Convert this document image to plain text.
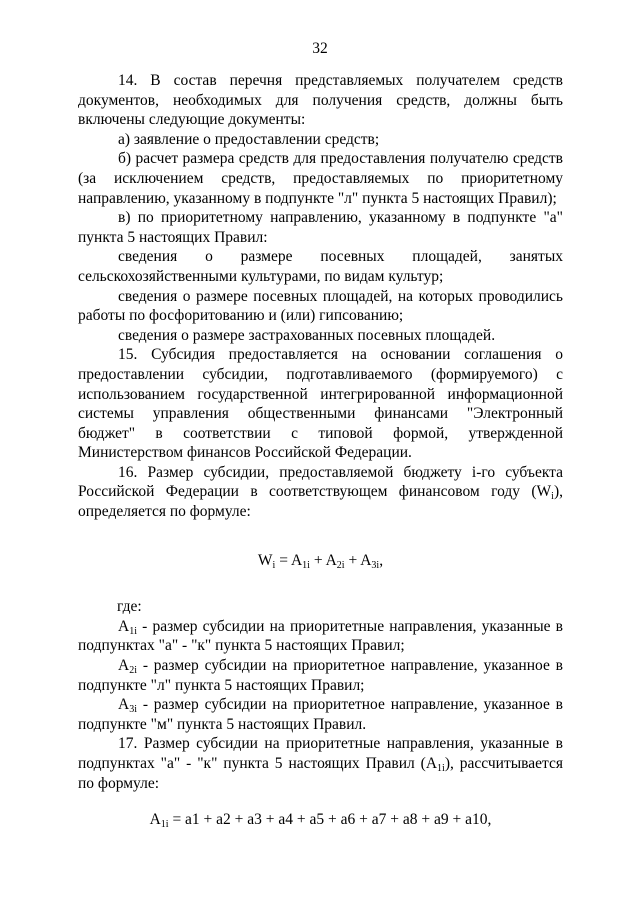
32

14. В состав перечня представляемых получателем средств документов, необходимых для получения средств, должны быть включены следующие документы:

а) заявление о предоставлении средств;

б) расчет размера средств для предоставления получателю средств (за исключением средств, предоставляемых по приоритетному направлению, указанному в подпункте "л" пункта 5 настоящих Правил);

в) по приоритетному направлению, указанному в подпункте "а" пункта 5 настоящих Правил:

сведения о размере посевных площадей, занятых сельскохозяйственными культурами, по видам культур;

сведения о размере посевных площадей, на которых проводились работы по фосфоритованию и (или) гипсованию;

сведения о размере застрахованных посевных площадей.

15. Субсидия предоставляется на основании соглашения о предоставлении субсидии, подготавливаемого (формируемого) с использованием государственной интегрированной информационной системы управления общественными финансами "Электронный бюджет" в соответствии с типовой формой, утвержденной Министерством финансов Российской Федерации.

16. Размер субсидии, предоставляемой бюджету i-го субъекта Российской Федерации в соответствующем финансовом году $(W_i)$, определяется по формуле:

$W_i = A_{1i} + A_{2i} + A_{3i}$,

где:

$A_{1i}$ - размер субсидии на приоритетные направления, указанные в подпунктах "а" - "к" пункта 5 настоящих Правил;

$A_{2i}$ - размер субсидии на приоритетное направление, указанное в подпункте "л" пункта 5 настоящих Правил;

$A_{3i}$ - размер субсидии на приоритетное направление, указанное в подпункте "м" пункта 5 настоящих Правил.

17. Размер субсидии на приоритетные направления, указанные в подпунктах "а" - "к" пункта 5 настоящих Правил $(A_{1i})$, рассчитывается по формуле:

$A_{1i} = a1 + a2 + a3 + a4 + a5 + a6 + a7 + a8 + a9 + a10$,
